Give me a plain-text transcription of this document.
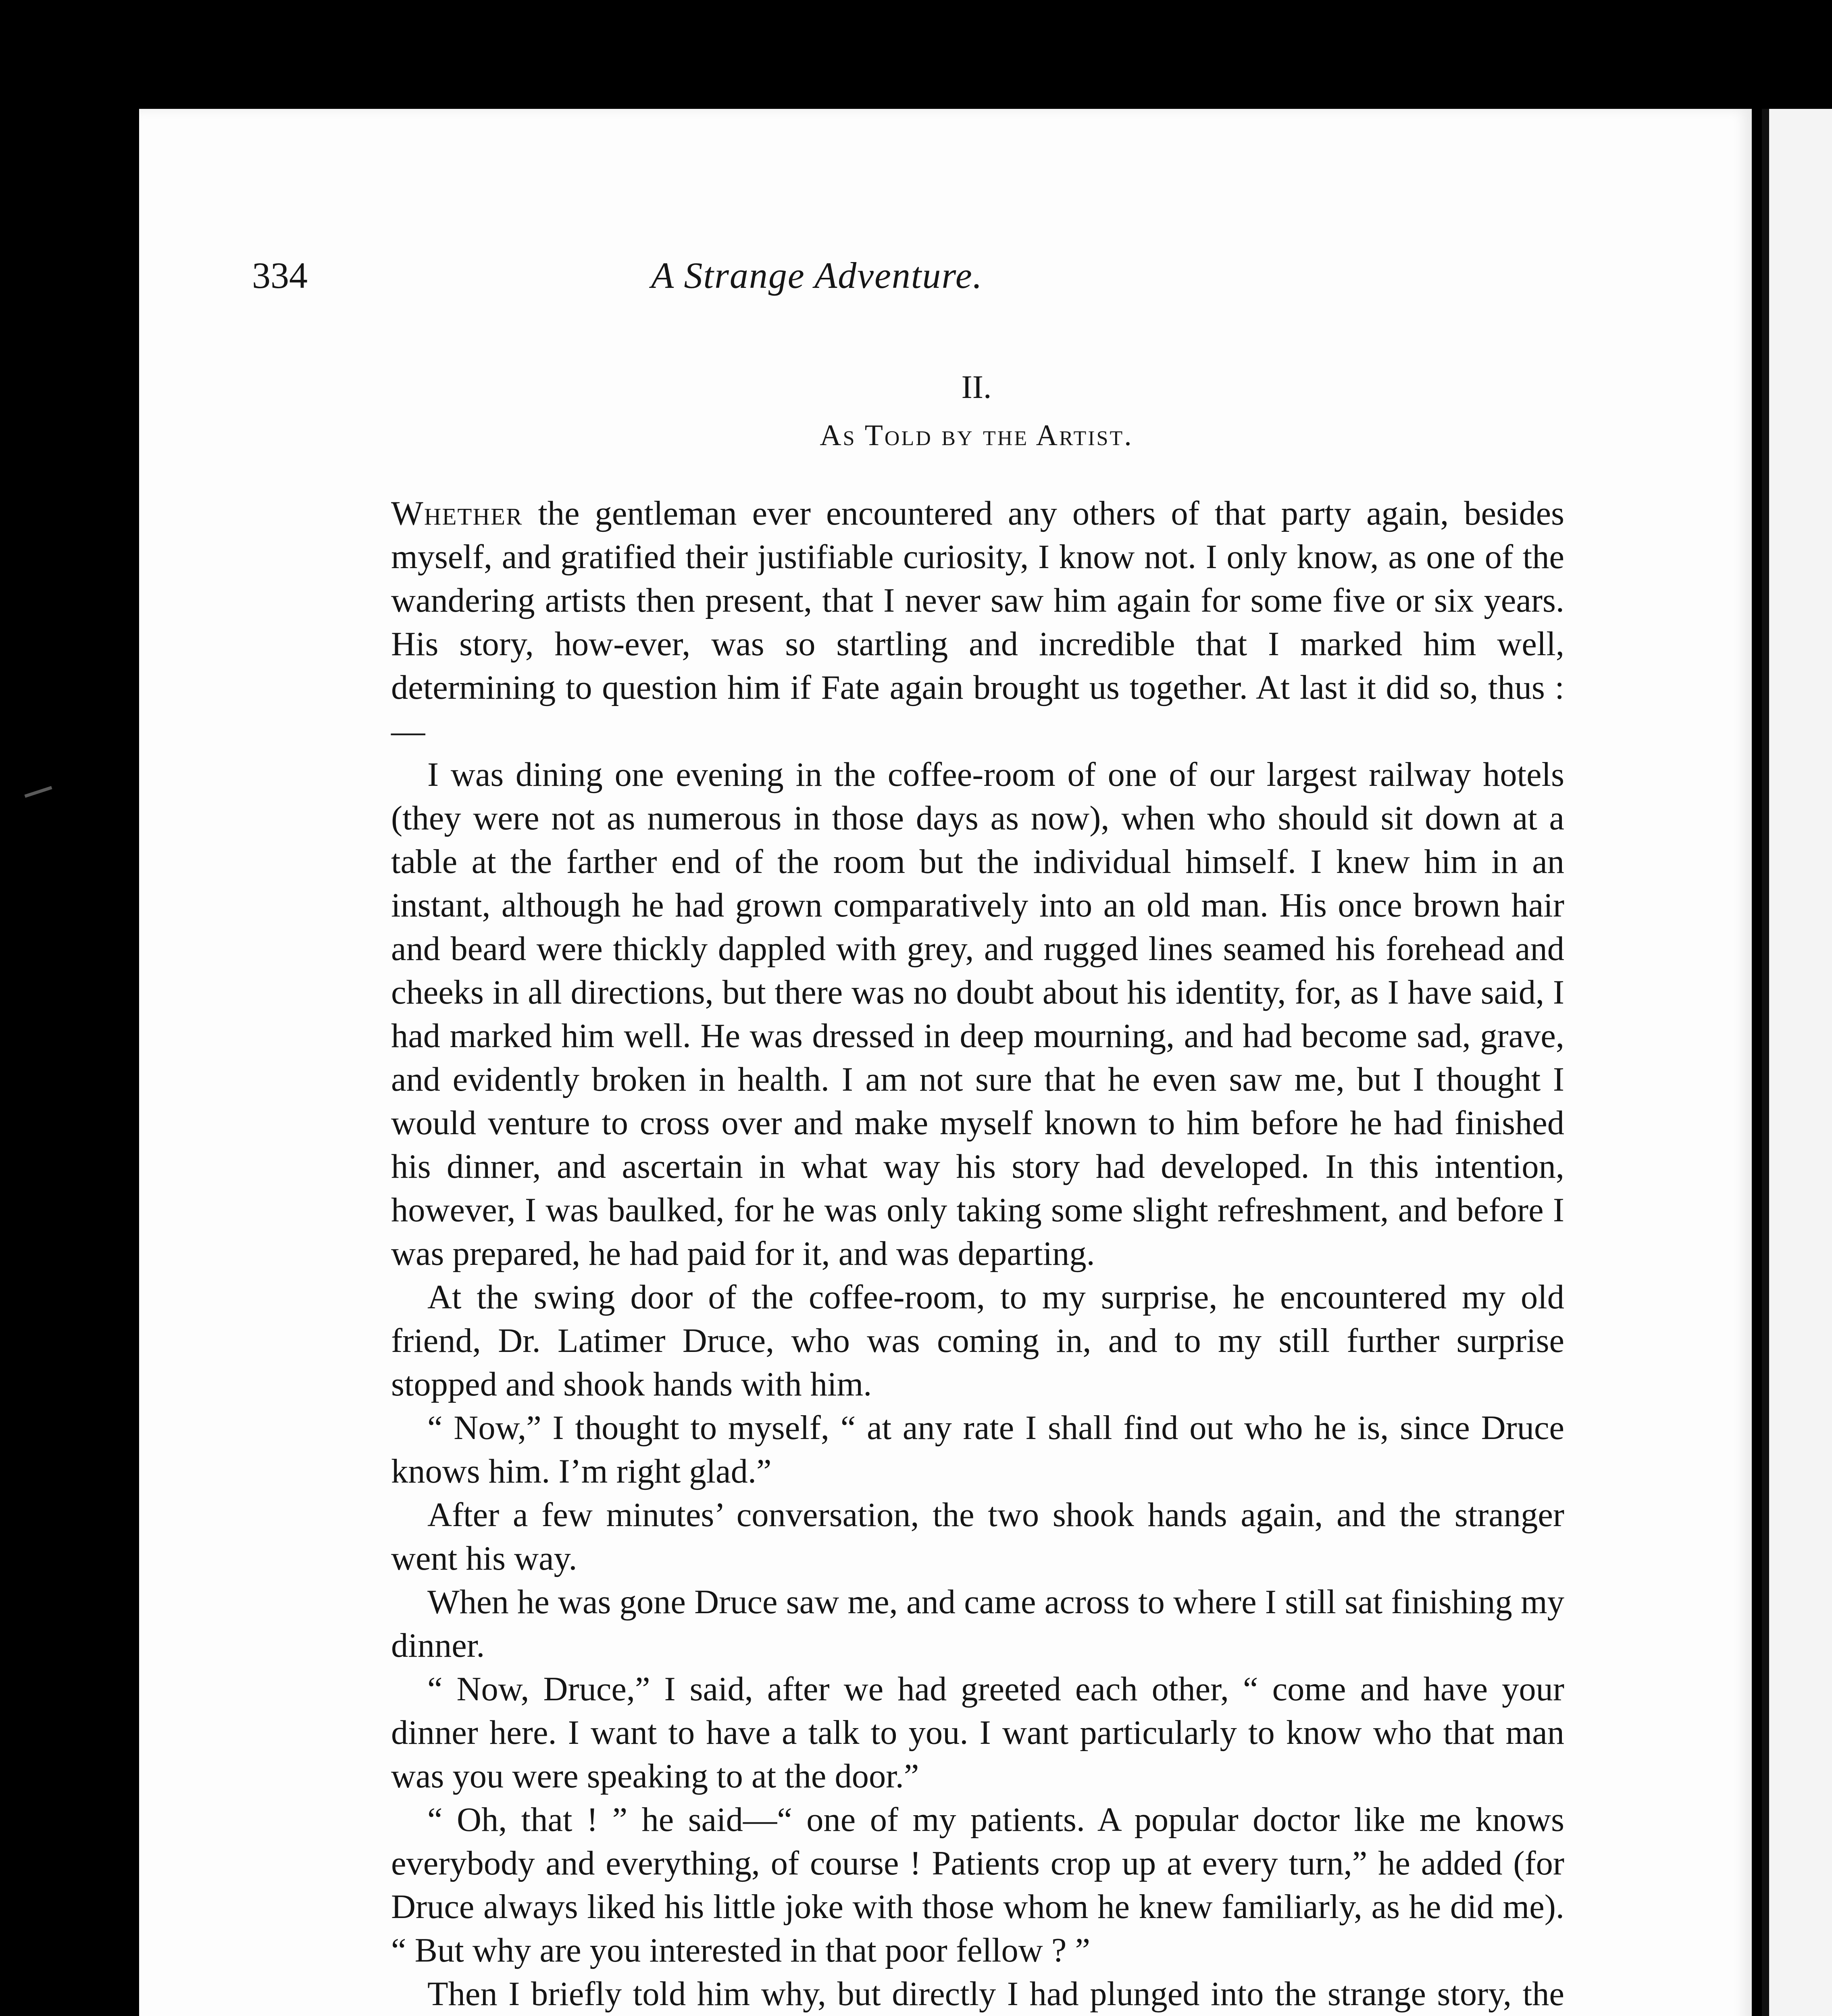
334	A Strange Adventure.
II.
As Told by the Artist.

Whether the gentleman ever encountered any others of that party again, besides myself, and gratified their justifiable curiosity, I know not. I only know, as one of the wandering artists then present, that I never saw him again for some five or six years. His story, how-ever, was so startling and incredible that I marked him well, determining to question him if Fate again brought us together. At last it did so, thus :—

I was dining one evening in the coffee-room of one of our largest railway hotels (they were not as numerous in those days as now), when who should sit down at a table at the farther end of the room but the individual himself. I knew him in an instant, although he had grown comparatively into an old man. His once brown hair and beard were thickly dappled with grey, and rugged lines seamed his forehead and cheeks in all directions, but there was no doubt about his identity, for, as I have said, I had marked him well. He was dressed in deep mourning, and had become sad, grave, and evidently broken in health. I am not sure that he even saw me, but I thought I would venture to cross over and make myself known to him before he had finished his dinner, and ascertain in what way his story had developed. In this intention, however, I was baulked, for he was only taking some slight refreshment, and before I was prepared, he had paid for it, and was departing.

At the swing door of the coffee-room, to my surprise, he encountered my old friend, Dr. Latimer Druce, who was coming in, and to my still further surprise stopped and shook hands with him.

“ Now,” I thought to myself, “ at any rate I shall find out who he is, since Druce knows him. I’m right glad.”

After a few minutes’ conversation, the two shook hands again, and the stranger went his way.

When he was gone Druce saw me, and came across to where I still sat finishing my dinner.

“ Now, Druce,” I said, after we had greeted each other, “ come and have your dinner here. I want to have a talk to you. I want particularly to know who that man was you were speaking to at the door.”

“ Oh, that ! ” he said—“ one of my patients. A popular doctor like me knows everybody and everything, of course ! Patients crop up at every turn,” he added (for Druce always liked his little joke with those whom he knew familiarly, as he did me). “ But why are you interested in that poor fellow ? ”

Then I briefly told him why, but directly I had plunged into the strange story, the
